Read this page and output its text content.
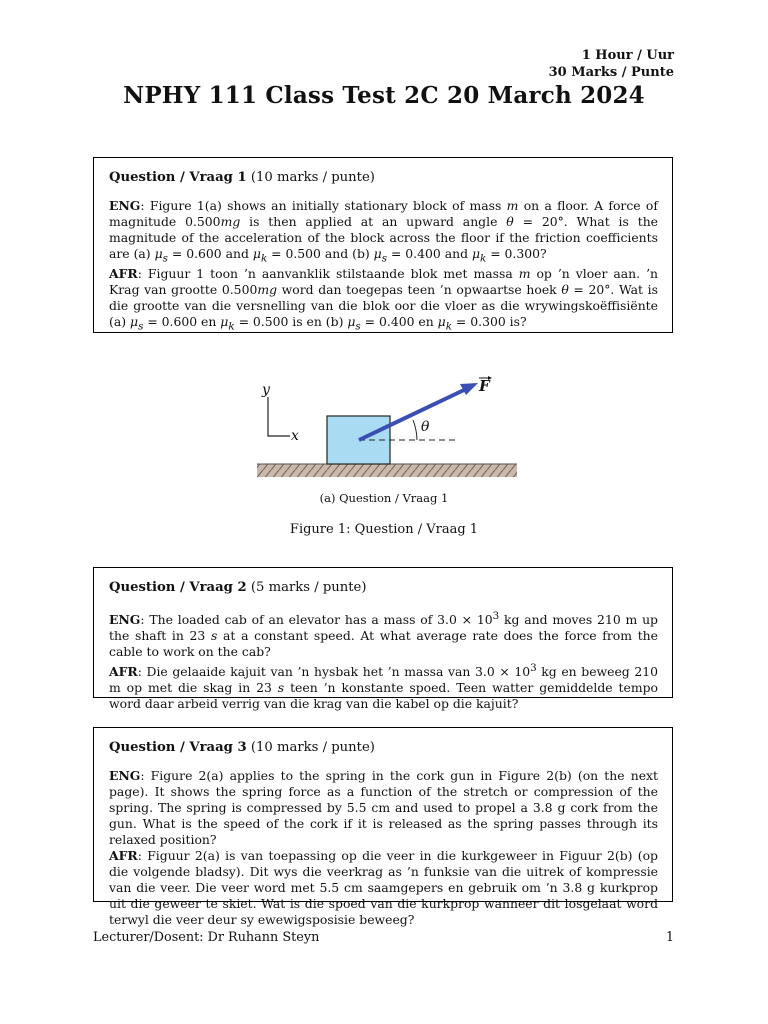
1 Hour / Uur
30 Marks / Punte
NPHY 111 Class Test 2C 20 March 2024
Question / Vraag 1 (10 marks / punte)
ENG: Figure 1(a) shows an initially stationary block of mass m on a floor. A force of magnitude 0.500mg is then applied at an upward angle θ = 20°. What is the magnitude of the acceleration of the block across the floor if the friction coefficients are (a) $\mu_s = 0.600$ and $\mu_k = 0.500$ and (b) $\mu_s = 0.400$ and $\mu_k = 0.300$?
AFR: Figuur 1 toon ’n aanvanklik stilstaande blok met massa m op ’n vloer aan. ’n Krag van grootte 0.500mg word dan toegepas teen ’n opwaartse hoek θ = 20°. Wat is die grootte van die versnelling van die blok oor die vloer as die wrywingskoëffisiënte (a) $\mu_s = 0.600$ en $\mu_k = 0.500$ is en (b) $\mu_s = 0.400$ en $\mu_k = 0.300$ is?
y
x
θ
F
(a) Question / Vraag 1
Figure 1: Question / Vraag 1
Question / Vraag 2 (5 marks / punte)
ENG: The loaded cab of an elevator has a mass of $3.0 \times 10^3$ kg and moves 210 m up the shaft in 23 s at a constant speed. At what average rate does the force from the cable to work on the cab?
AFR: Die gelaaide kajuit van ’n hysbak het ’n massa van $3.0 \times 10^3$ kg en beweeg 210 m op met die skag in 23 s teen ’n konstante spoed. Teen watter gemiddelde tempo word daar arbeid verrig van die krag van die kabel op die kajuit?
Question / Vraag 3 (10 marks / punte)
ENG: Figure 2(a) applies to the spring in the cork gun in Figure 2(b) (on the next page). It shows the spring force as a function of the stretch or compression of the spring. The spring is compressed by 5.5 cm and used to propel a 3.8 g cork from the gun. What is the speed of the cork if it is released as the spring passes through its relaxed position?
AFR: Figuur 2(a) is van toepassing op die veer in die kurkgeweer in Figuur 2(b) (op die volgende bladsy). Dit wys die veerkrag as ’n funksie van die uitrek of kompressie van die veer. Die veer word met 5.5 cm saamgepers en gebruik om ’n 3.8 g kurkprop uit die geweer te skiet. Wat is die spoed van die kurkprop wanneer dit losgelaat word terwyl die veer deur sy ewewigsposisie beweeg?
Lecturer/Dosent: Dr Ruhann Steyn	1
